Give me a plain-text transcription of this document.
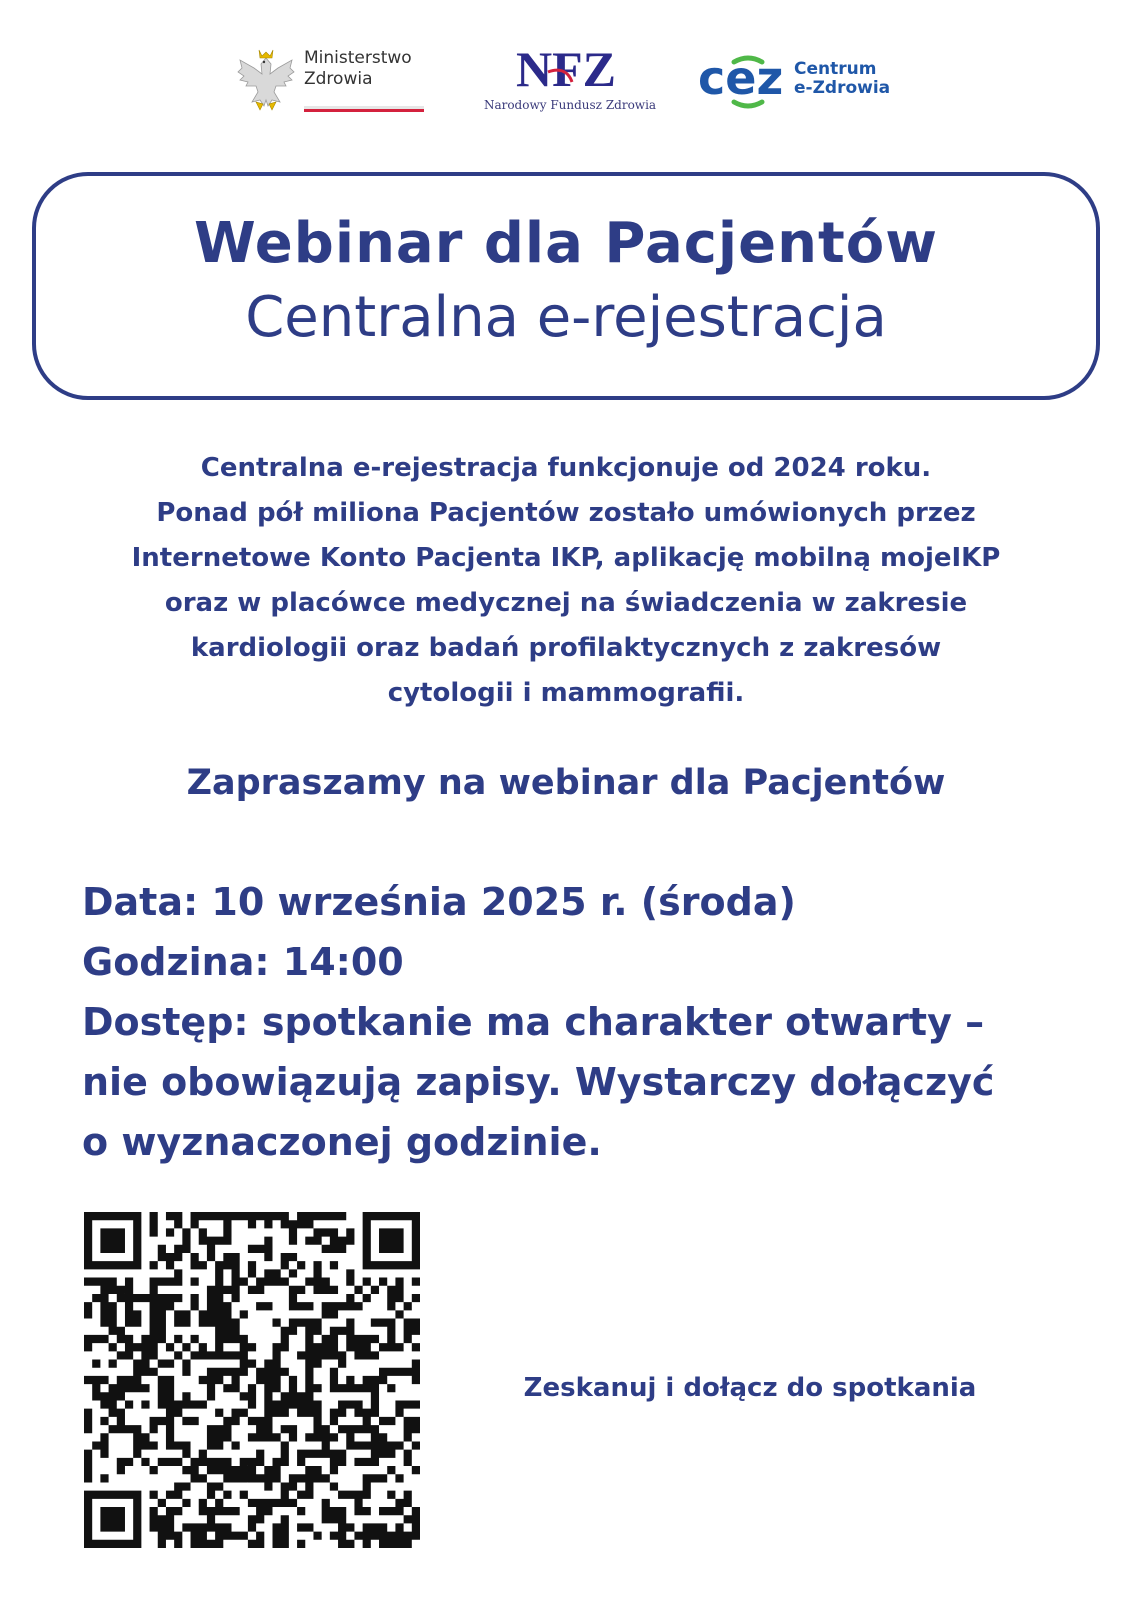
Ministerstwo
Zdrowia	NFZ
Narodowy Fundusz Zdrowia cez Centrum
e-Zdrowia
Webinar dla Pacjentów
Centralna e-rejestracja
Centralna e-rejestracja funkcjonuje od 2024 roku.
Ponad pół miliona Pacjentów zostało umówionych przez
Internetowe Konto Pacjenta IKP, aplikację mobilną mojeIKP
oraz w placówce medycznej na świadczenia w zakresie
kardiologii oraz badań profilaktycznych z zakresów
cytologii i mammografii.
Zapraszamy na webinar dla Pacjentów

Data: 10 września 2025 r. (środa)

Godzina: 14:00

Dostęp: spotkanie ma charakter otwarty –

nie obowiązują zapisy. Wystarczy dołączyć

o wyznaczonej godzinie.

Zeskanuj i dołącz do spotkania
